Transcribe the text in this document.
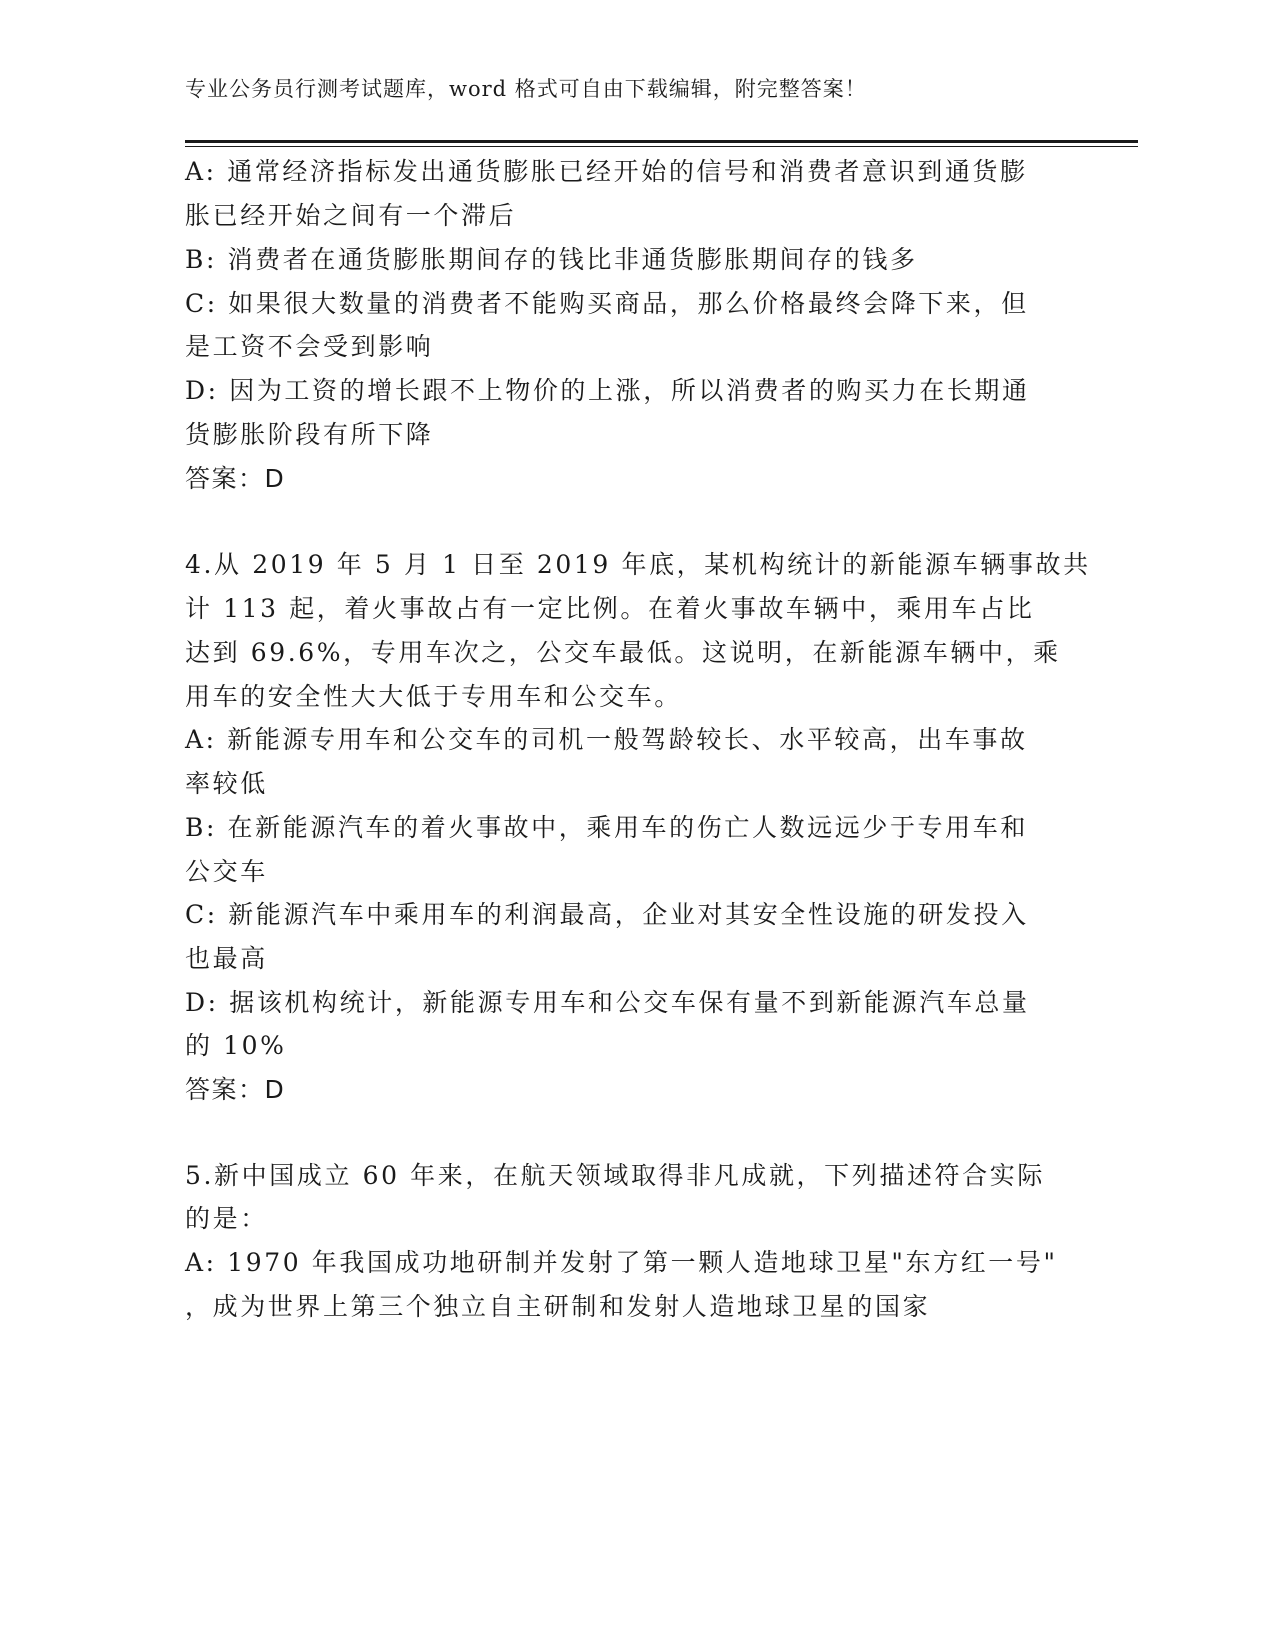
专业公务员行测考试题库，word 格式可自由下载编辑，附完整答案！
A: 通常经济指标发出通货膨胀已经开始的信号和消费者意识到通货膨
胀已经开始之间有一个滞后
B: 消费者在通货膨胀期间存的钱比非通货膨胀期间存的钱多
C: 如果很大数量的消费者不能购买商品，那么价格最终会降下来，但
是工资不会受到影响
D: 因为工资的增长跟不上物价的上涨，所以消费者的购买力在长期通
货膨胀阶段有所下降
答案：D
4.从 2019 年 5 月 1 日至 2019 年底，某机构统计的新能源车辆事故共
计 113 起，着火事故占有一定比例。在着火事故车辆中，乘用车占比
达到 69.6%，专用车次之，公交车最低。这说明，在新能源车辆中，乘
用车的安全性大大低于专用车和公交车。
A: 新能源专用车和公交车的司机一般驾龄较长、水平较高，出车事故
率较低
B: 在新能源汽车的着火事故中，乘用车的伤亡人数远远少于专用车和
公交车
C: 新能源汽车中乘用车的利润最高，企业对其安全性设施的研发投入
也最高
D: 据该机构统计，新能源专用车和公交车保有量不到新能源汽车总量
的 10%
答案：D
5.新中国成立 60 年来，在航天领域取得非凡成就，下列描述符合实际
的是：
A: 1970 年我国成功地研制并发射了第一颗人造地球卫星"东方红一号"
，成为世界上第三个独立自主研制和发射人造地球卫星的国家
